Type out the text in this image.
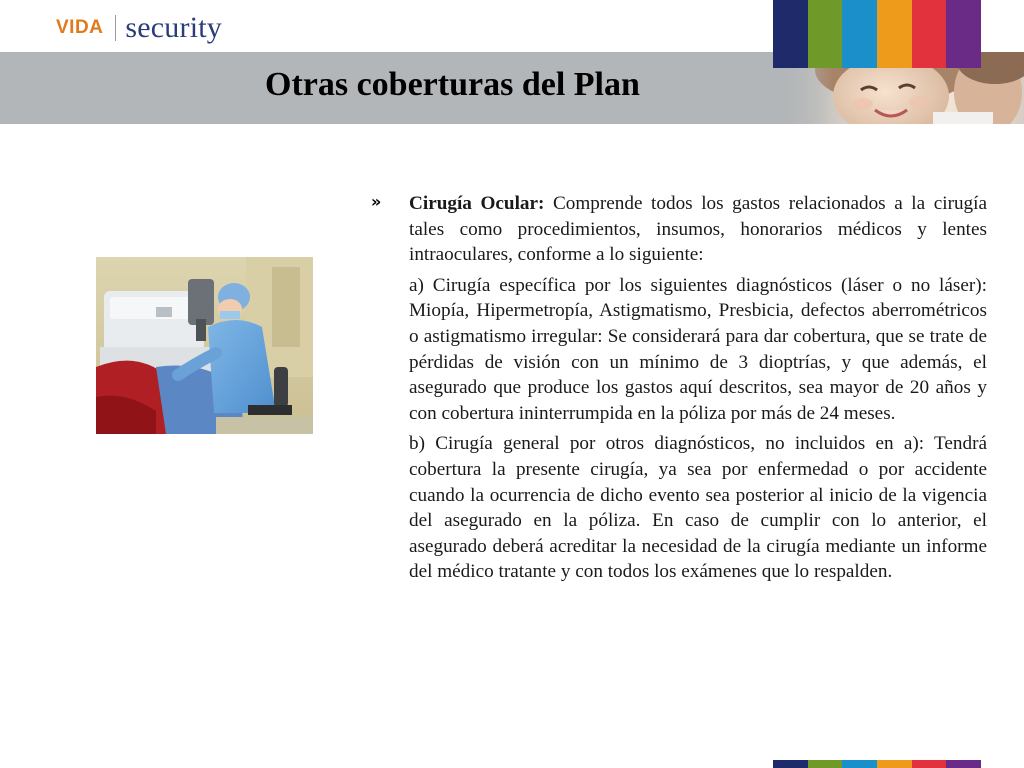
VIDA security
Otras coberturas del Plan
» Cirugía Ocular: Comprende todos los gastos relacionados a la cirugía tales como procedimientos, insumos, honorarios médicos y lentes intraoculares, conforme a lo siguiente:

a) Cirugía específica por los siguientes diagnósticos (láser o no láser): Miopía, Hipermetropía, Astigmatismo, Presbicia, defectos aberrométricos o astigmatismo irregular: Se considerará para dar cobertura, que se trate de pérdidas de visión con un mínimo de 3 dioptrías, y que además, el asegurado que produce los gastos aquí descritos, sea mayor de 20 años y con cobertura ininterrumpida en la póliza por más de 24 meses.

b) Cirugía general por otros diagnósticos, no incluidos en a): Tendrá cobertura la presente cirugía, ya sea por enfermedad o por accidente cuando la ocurrencia de dicho evento sea posterior al inicio de la vigencia del asegurado en la póliza. En caso de cumplir con lo anterior, el asegurado deberá acreditar la necesidad de la cirugía mediante un informe del médico tratante y con todos los exámenes que lo respalden.
